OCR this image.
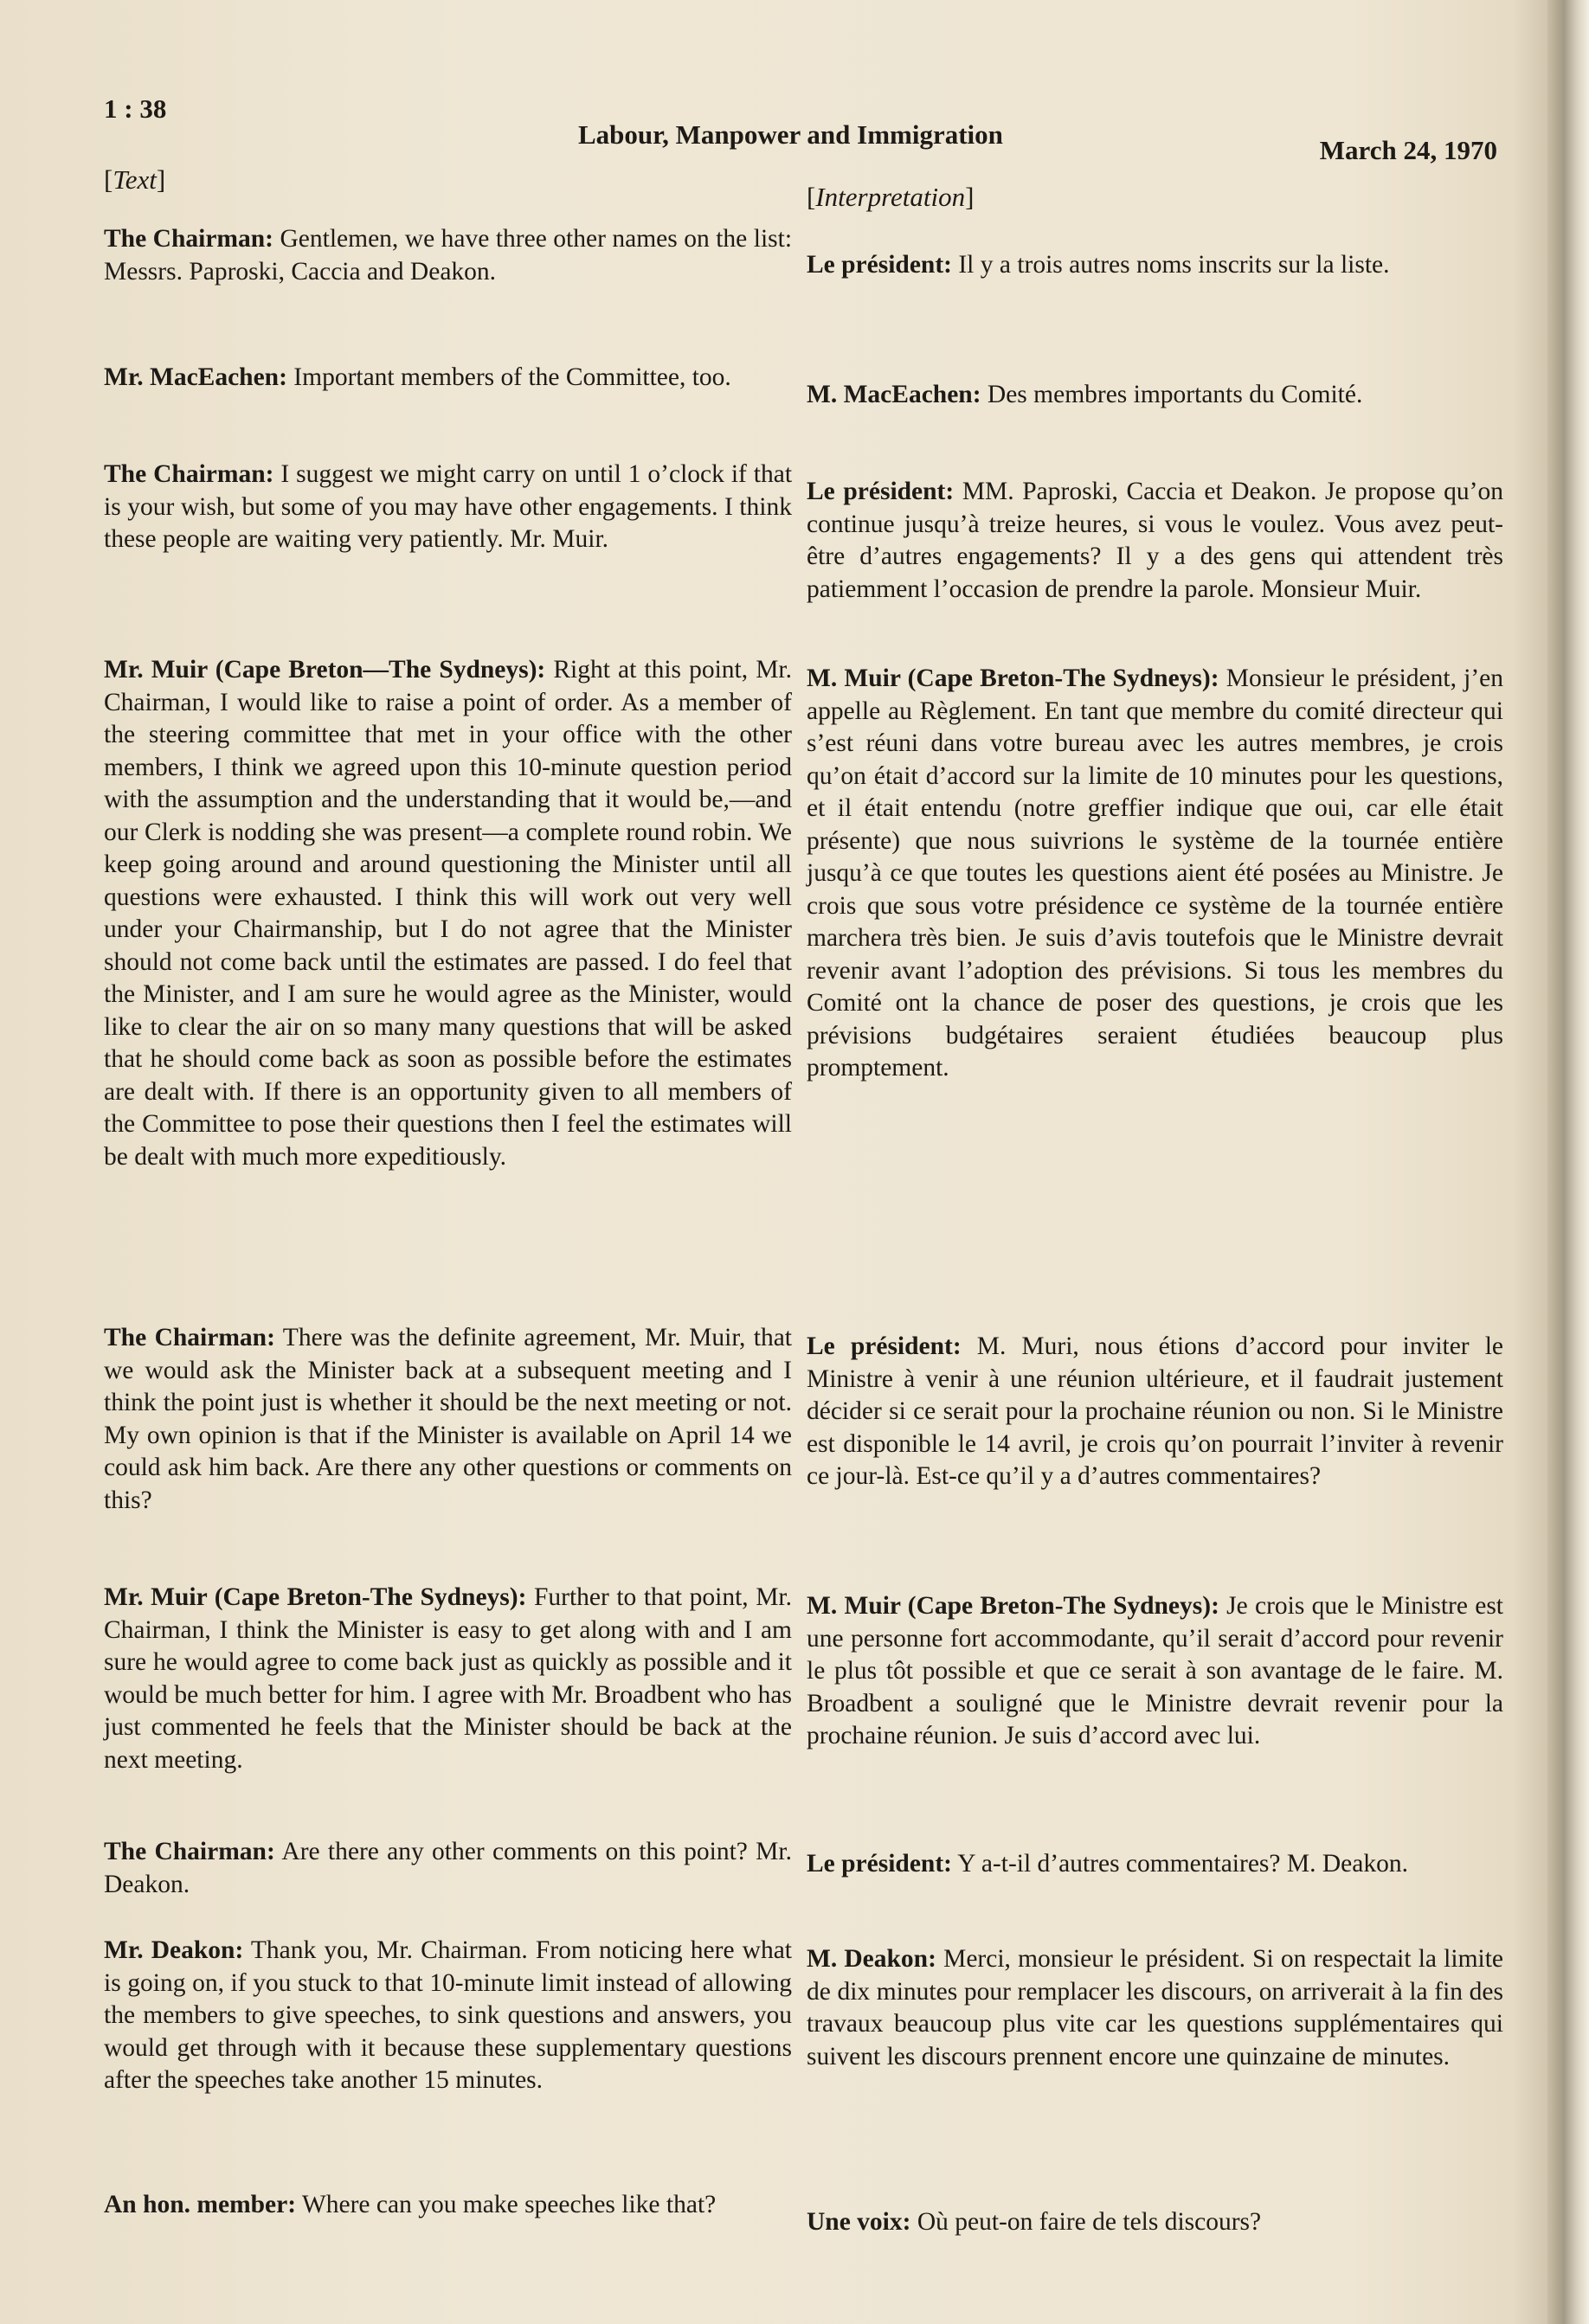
1 : 38
Labour, Manpower and Immigration
March 24, 1970
[Text]

The Chairman: Gentlemen, we have three other names on the list: Messrs. Paproski, Caccia and Deakon.

Mr. MacEachen: Important members of the Committee, too.

The Chairman: I suggest we might carry on until 1 o’clock if that is your wish, but some of you may have other engagements. I think these people are waiting very patiently. Mr. Muir.

Mr. Muir (Cape Breton—The Sydneys): Right at this point, Mr. Chairman, I would like to raise a point of order. As a member of the steering committee that met in your office with the other members, I think we agreed upon this 10-minute question period with the assumption and the understanding that it would be,—and our Clerk is nodding she was present—a complete round robin. We keep going around and around questioning the Minister until all questions were exhausted. I think this will work out very well under your Chairmanship, but I do not agree that the Minister should not come back until the estimates are passed. I do feel that the Minister, and I am sure he would agree as the Minister, would like to clear the air on so many many questions that will be asked that he should come back as soon as possible before the estimates are dealt with. If there is an opportunity given to all members of the Committee to pose their questions then I feel the estimates will be dealt with much more expeditiously.

The Chairman: There was the definite agreement, Mr. Muir, that we would ask the Minister back at a subsequent meeting and I think the point just is whether it should be the next meeting or not. My own opinion is that if the Minister is available on April 14 we could ask him back. Are there any other questions or comments on this?

Mr. Muir (Cape Breton-The Sydneys): Further to that point, Mr. Chairman, I think the Minister is easy to get along with and I am sure he would agree to come back just as quickly as possible and it would be much better for him. I agree with Mr. Broadbent who has just commented he feels that the Minister should be back at the next meeting.

The Chairman: Are there any other comments on this point? Mr. Deakon.

Mr. Deakon: Thank you, Mr. Chairman. From noticing here what is going on, if you stuck to that 10-minute limit instead of allowing the members to give speeches, to sink questions and answers, you would get through with it because these supplementary questions after the speeches take another 15 minutes.

An hon. member: Where can you make speeches like that?

[Interpretation]

Le président: Il y a trois autres noms inscrits sur la liste.

M. MacEachen: Des membres importants du Comité.

Le président: MM. Paproski, Caccia et Deakon. Je propose qu’on continue jusqu’à treize heures, si vous le voulez. Vous avez peut-être d’autres engagements? Il y a des gens qui attendent très patiemment l’occasion de prendre la parole. Monsieur Muir.

M. Muir (Cape Breton-The Sydneys): Monsieur le président, j’en appelle au Règlement. En tant que membre du comité directeur qui s’est réuni dans votre bureau avec les autres membres, je crois qu’on était d’accord sur la limite de 10 minutes pour les questions, et il était entendu (notre greffier indique que oui, car elle était présente) que nous suivrions le système de la tournée entière jusqu’à ce que toutes les questions aient été posées au Ministre. Je crois que sous votre présidence ce système de la tournée entière marchera très bien. Je suis d’avis toutefois que le Ministre devrait revenir avant l’adoption des prévisions. Si tous les membres du Comité ont la chance de poser des questions, je crois que les prévisions budgétaires seraient étudiées beaucoup plus promptement.

Le président: M. Muri, nous étions d’accord pour inviter le Ministre à venir à une réunion ultérieure, et il faudrait justement décider si ce serait pour la prochaine réunion ou non. Si le Ministre est disponible le 14 avril, je crois qu’on pourrait l’inviter à revenir ce jour-là. Est-ce qu’il y a d’autres commentaires?

M. Muir (Cape Breton-The Sydneys): Je crois que le Ministre est une personne fort accommodante, qu’il serait d’accord pour revenir le plus tôt possible et que ce serait à son avantage de le faire. M. Broadbent a souligné que le Ministre devrait revenir pour la prochaine réunion. Je suis d’accord avec lui.

Le président: Y a-t-il d’autres commentaires? M. Deakon.

M. Deakon: Merci, monsieur le président. Si on respectait la limite de dix minutes pour remplacer les discours, on arriverait à la fin des travaux beaucoup plus vite car les questions supplémentaires qui suivent les discours prennent encore une quinzaine de minutes.

Une voix: Où peut-on faire de tels discours?
